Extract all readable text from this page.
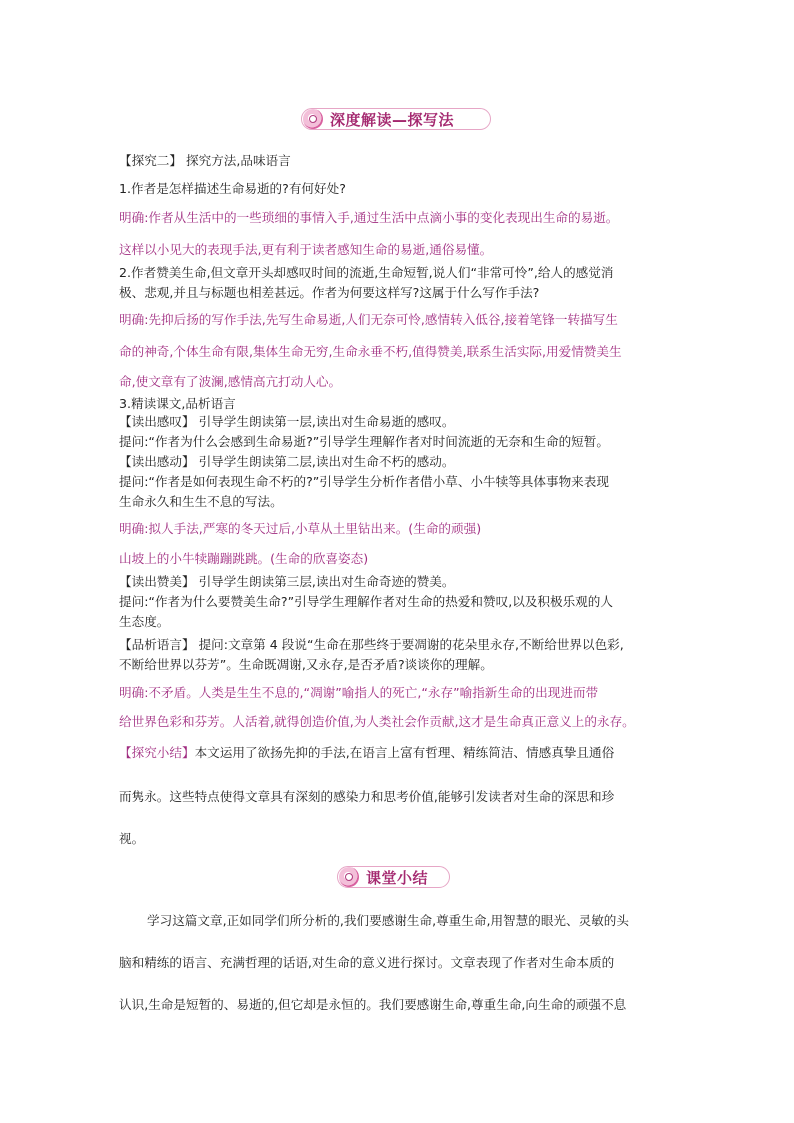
深度解读—探写法
【探究二】 探究方法,品味语言
1.作者是怎样描述生命易逝的?有何好处?
明确:作者从生活中的一些琐细的事情入手,通过生活中点滴小事的变化表现出生命的易逝。
这样以小见大的表现手法,更有利于读者感知生命的易逝,通俗易懂。
2.作者赞美生命,但文章开头却感叹时间的流逝,生命短暂,说人们“非常可怜”,给人的感觉消
极、悲观,并且与标题也相差甚远。作者为何要这样写?这属于什么写作手法?
明确:先抑后扬的写作手法,先写生命易逝,人们无奈可怜,感情转入低谷,接着笔锋一转描写生
命的神奇,个体生命有限,集体生命无穷,生命永垂不朽,值得赞美,联系生活实际,用爱情赞美生
命,使文章有了波澜,感情高亢打动人心。
3.精读课文,品析语言
【读出感叹】 引导学生朗读第一层,读出对生命易逝的感叹。
提问:“作者为什么会感到生命易逝?”引导学生理解作者对时间流逝的无奈和生命的短暂。
【读出感动】 引导学生朗读第二层,读出对生命不朽的感动。
提问:“作者是如何表现生命不朽的?”引导学生分析作者借小草、小牛犊等具体事物来表现
生命永久和生生不息的写法。
明确:拟人手法,严寒的冬天过后,小草从土里钻出来。(生命的顽强)
山坡上的小牛犊蹦蹦跳跳。(生命的欣喜姿态)
【读出赞美】 引导学生朗读第三层,读出对生命奇迹的赞美。
提问:“作者为什么要赞美生命?”引导学生理解作者对生命的热爱和赞叹,以及积极乐观的人
生态度。
【品析语言】 提问:文章第 4 段说“生命在那些终于要凋谢的花朵里永存,不断给世界以色彩,
不断给世界以芬芳”。生命既凋谢,又永存,是否矛盾?谈谈你的理解。
明确:不矛盾。人类是生生不息的,“凋谢”喻指人的死亡,“永存”喻指新生命的出现进而带
给世界色彩和芬芳。人活着,就得创造价值,为人类社会作贡献,这才是生命真正意义上的永存。
【探究小结】本文运用了欲扬先抑的手法,在语言上富有哲理、精练简洁、情感真挚且通俗
而隽永。这些特点使得文章具有深刻的感染力和思考价值,能够引发读者对生命的深思和珍
视。
课堂小结
学习这篇文章,正如同学们所分析的,我们要感谢生命,尊重生命,用智慧的眼光、灵敏的头
脑和精练的语言、充满哲理的话语,对生命的意义进行探讨。文章表现了作者对生命本质的
认识,生命是短暂的、易逝的,但它却是永恒的。我们要感谢生命,尊重生命,向生命的顽强不息
